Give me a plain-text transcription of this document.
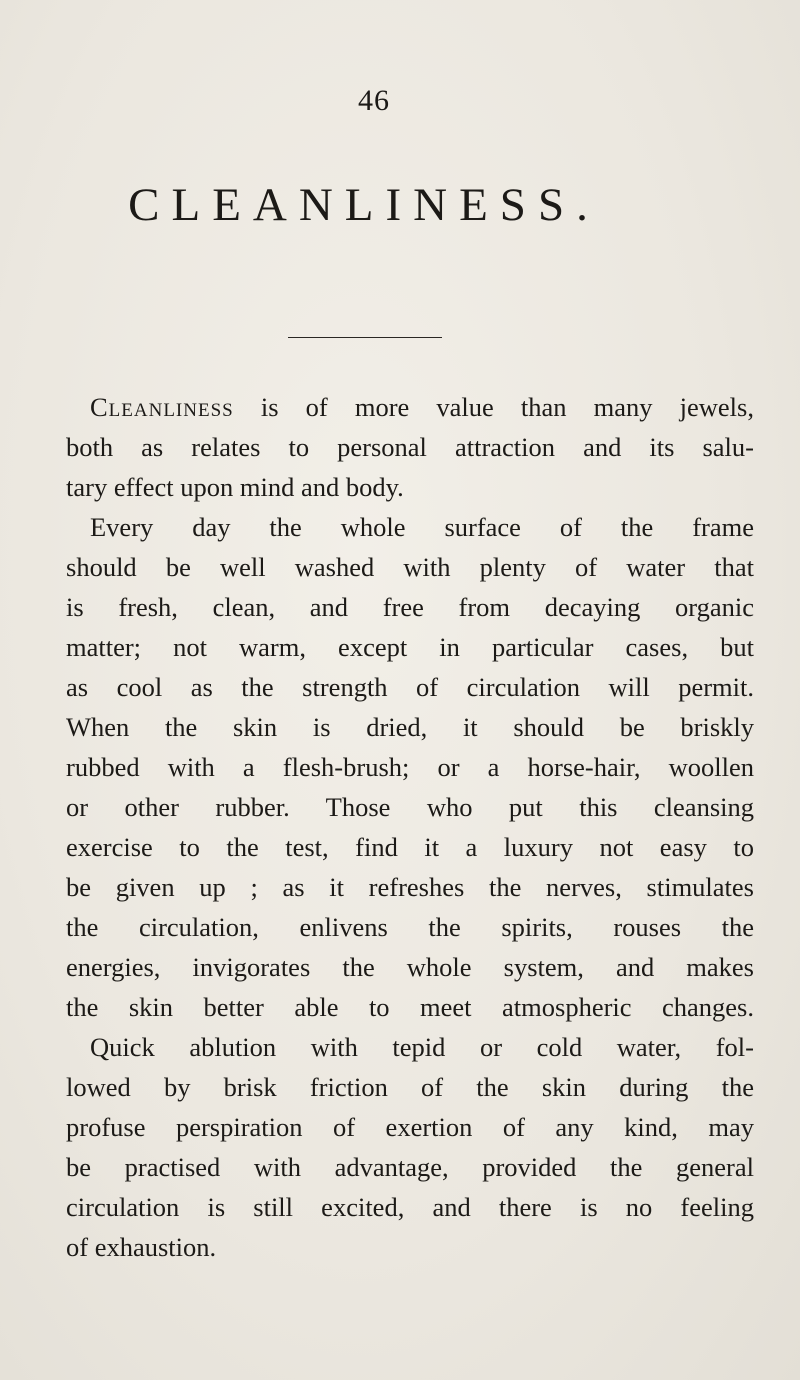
46
CLEANLINESS.
Cleanliness is of more value than many jewels,
both as relates to personal attraction and its salu-
tary effect upon mind and body.
Every day the whole surface of the frame
should be well washed with plenty of water that
is fresh, clean, and free from decaying organic
matter; not warm, except in particular cases, but
as cool as the strength of circulation will permit.
When the skin is dried, it should be briskly
rubbed with a flesh-brush; or a horse-hair, woollen
or other rubber. Those who put this cleansing
exercise to the test, find it a luxury not easy to
be given up ; as it refreshes the nerves, stimulates
the circulation, enlivens the spirits, rouses the
energies, invigorates the whole system, and makes
the skin better able to meet atmospheric changes.
Quick ablution with tepid or cold water, fol-
lowed by brisk friction of the skin during the
profuse perspiration of exertion of any kind, may
be practised with advantage, provided the general
circulation is still excited, and there is no feeling
of exhaustion.
